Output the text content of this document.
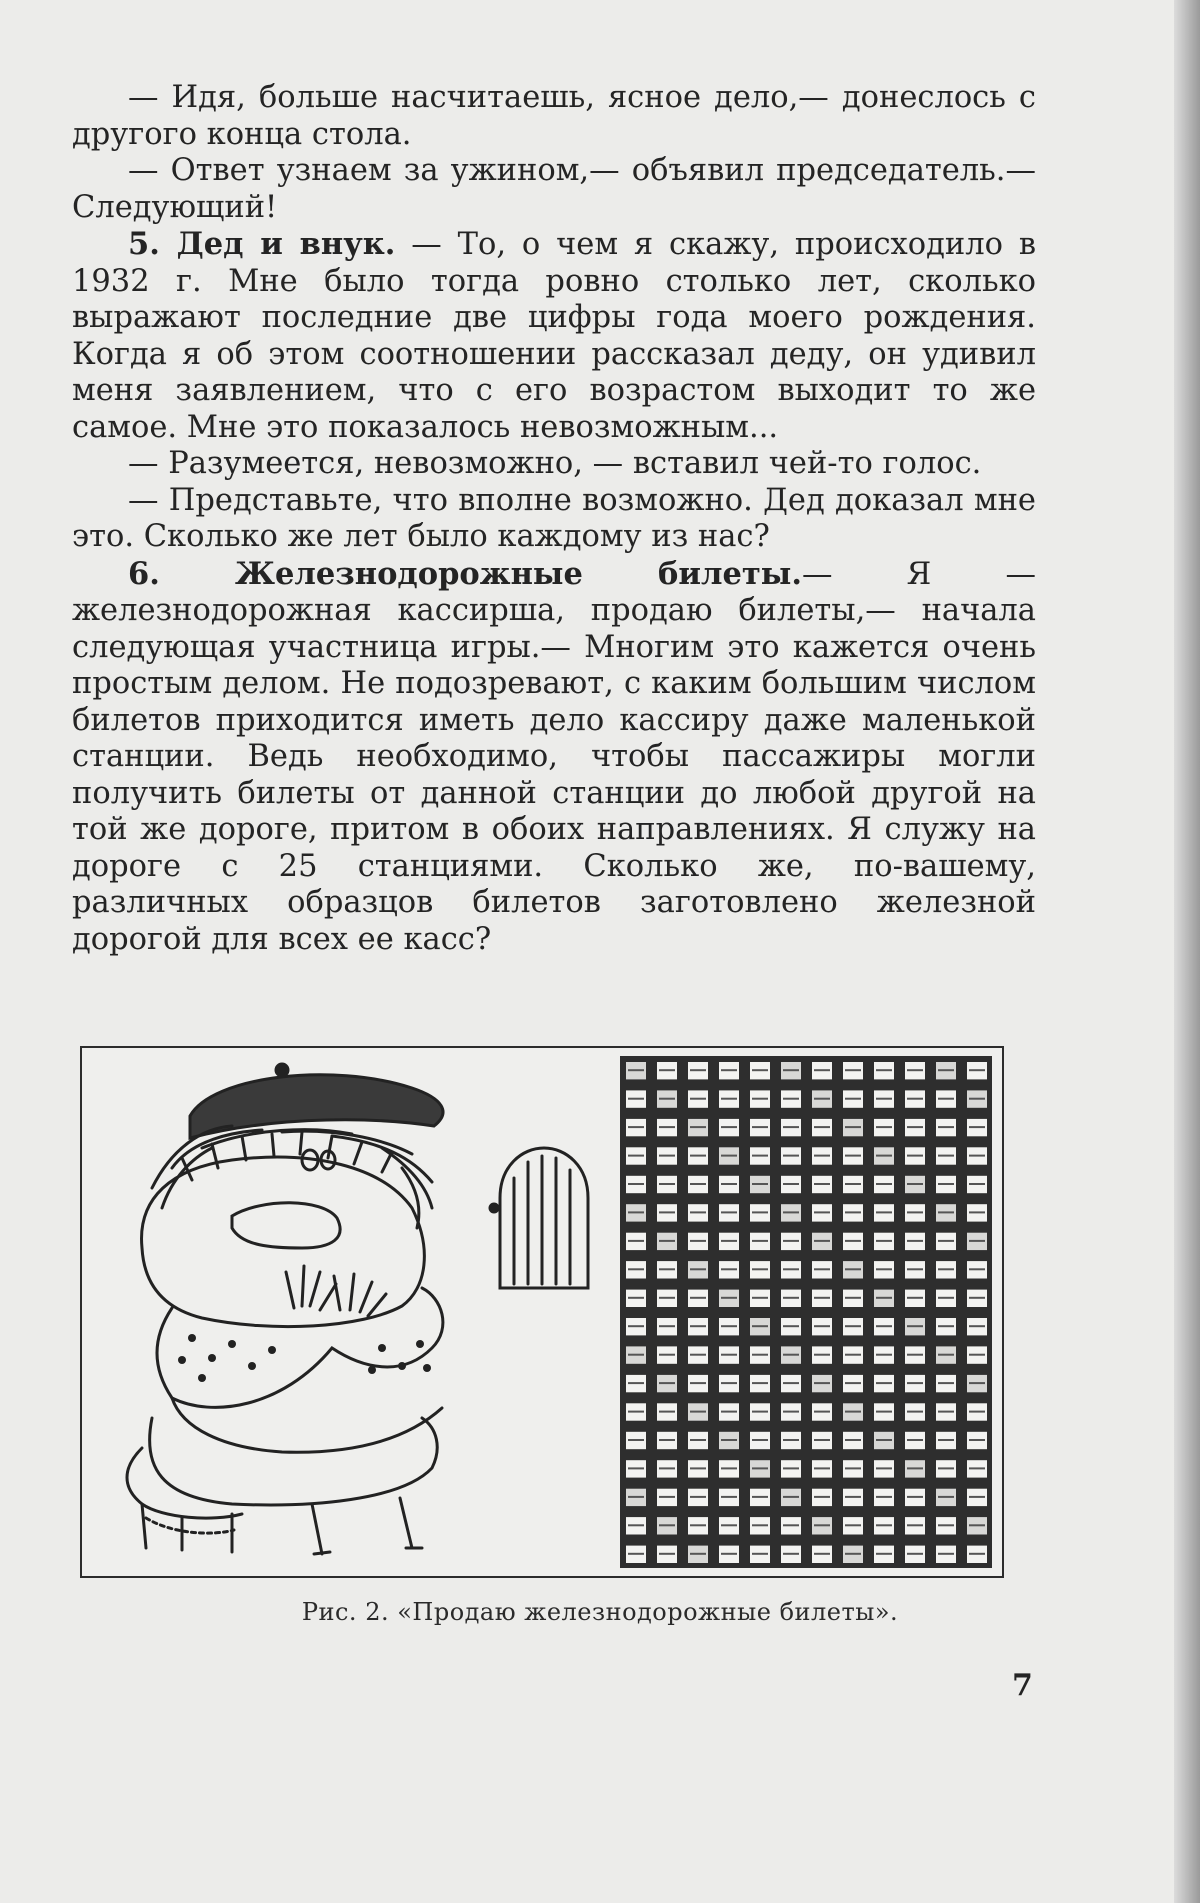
— Идя, больше насчитаешь, ясное дело,— донеслось с другого конца стола.

— Ответ узнаем за ужином,— объявил председатель.— Следующий!

5. Дед и внук. — То, о чем я скажу, происходило в 1932 г. Мне было тогда ровно столько лет, сколько выражают последние две цифры года моего рождения. Когда я об этом соотношении рассказал деду, он удивил меня заявлением, что с его возрастом выходит то же самое. Мне это показалось невозможным...

— Разумеется, невозможно, — вставил чей-то голос.

— Представьте, что вполне возможно. Дед доказал мне это. Сколько же лет было каждому из нас?

6. Железнодорожные билеты.— Я — железнодорожная кассирша, продаю билеты,— начала следующая участница игры.— Многим это кажется очень простым делом. Не подозревают, с каким большим числом билетов приходится иметь дело кассиру даже маленькой станции. Ведь необходимо, чтобы пассажиры могли получить билеты от данной станции до любой другой на той же дороге, притом в обоих направлениях. Я служу на дороге с 25 станциями. Сколько же, по-вашему, различных образцов билетов заготовлено железной дорогой для всех ее касс?

Рис. 2. «Продаю железнодорожные билеты».
7
